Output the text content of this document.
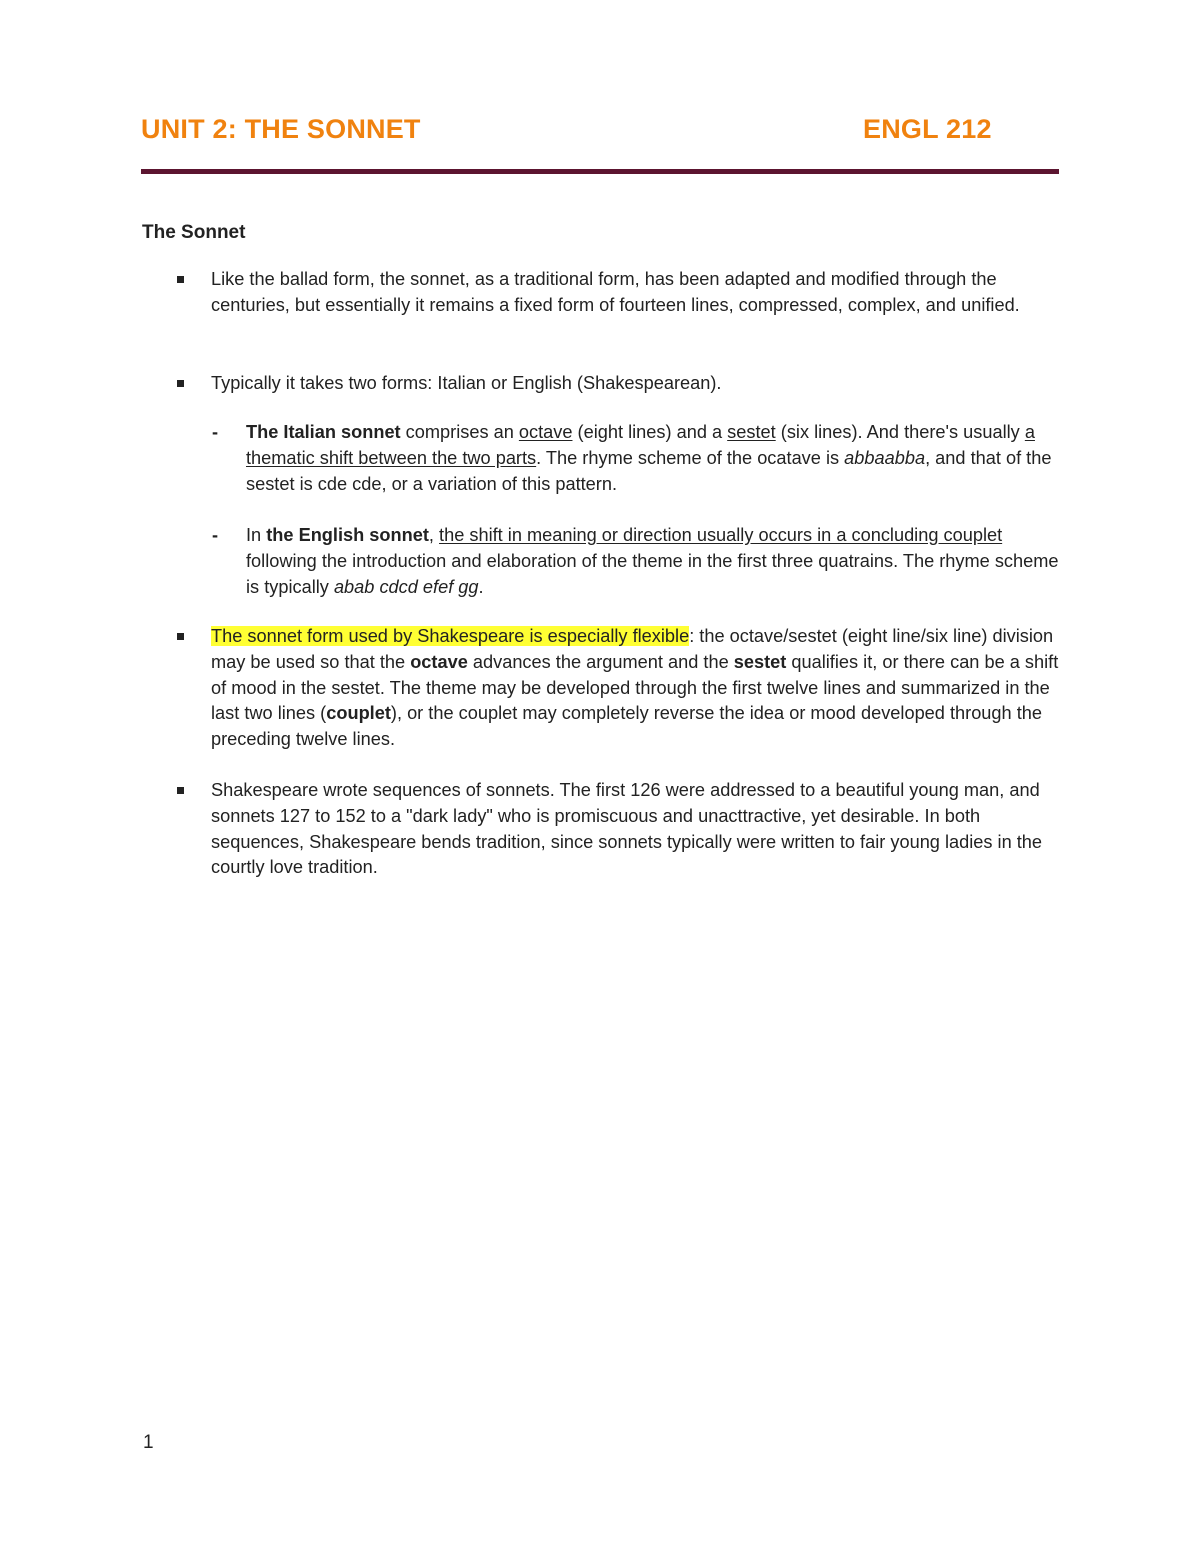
UNIT 2: THE SONNET	ENGL 212
The Sonnet
Like the ballad form, the sonnet, as a traditional form, has been adapted and modified through the centuries, but essentially it remains a fixed form of fourteen lines, compressed, complex, and unified.
Typically it takes two forms: Italian or English (Shakespearean).
- The Italian sonnet comprises an octave (eight lines) and a sestet (six lines). And there's usually a thematic shift between the two parts. The rhyme scheme of the ocatave is abbaabba, and that of the sestet is cde cde, or a variation of this pattern.
- In the English sonnet, the shift in meaning or direction usually occurs in a concluding couplet following the introduction and elaboration of the theme in the first three quatrains. The rhyme scheme is typically abab cdcd efef gg.
The sonnet form used by Shakespeare is especially flexible: the octave/sestet (eight line/six line) division may be used so that the octave advances the argument and the sestet qualifies it, or there can be a shift of mood in the sestet. The theme may be developed through the first twelve lines and summarized in the last two lines (couplet), or the couplet may completely reverse the idea or mood developed through the preceding twelve lines.
Shakespeare wrote sequences of sonnets. The first 126 were addressed to a beautiful young man, and sonnets 127 to 152 to a "dark lady" who is promiscuous and unacttractive, yet desirable. In both sequences, Shakespeare bends tradition, since sonnets typically were written to fair young ladies in the courtly love tradition.
1
